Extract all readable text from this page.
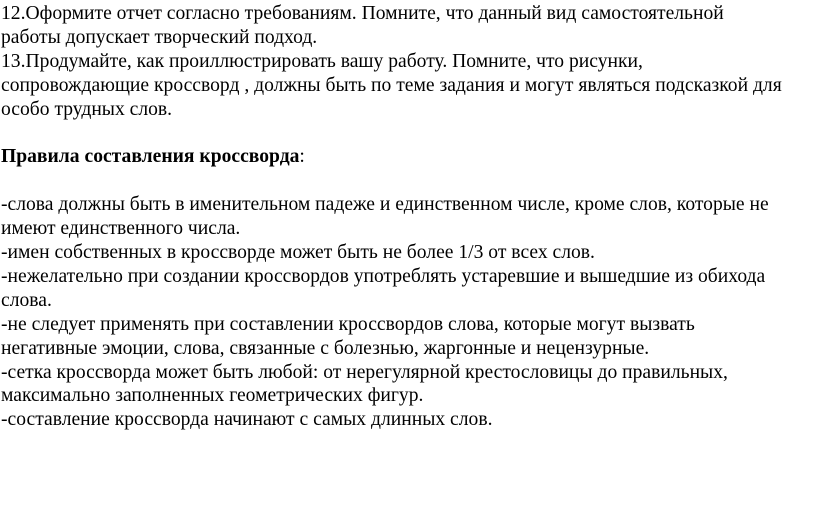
12.Оформите отчет согласно требованиям. Помните, что данный вид самостоятельной
работы допускает творческий подход.
13.Продумайте, как проиллюстрировать вашу работу. Помните, что рисунки,
сопровождающие кроссворд , должны быть по теме задания и могут являться подсказкой для
особо трудных слов.
Правила составления кроссворда:
-слова должны быть в именительном падеже и единственном числе, кроме слов, которые не
имеют единственного числа.
-имен собственных в кроссворде может быть не более 1/3 от всех слов.
-нежелательно при создании кроссвордов употреблять устаревшие и вышедшие из обихода
слова.
-не следует применять при составлении кроссвордов слова, которые могут вызвать
негативные эмоции, слова, связанные с болезнью, жаргонные и нецензурные.
-сетка кроссворда может быть любой: от нерегулярной крестословицы до правильных,
максимально заполненных геометрических фигур.
-составление кроссворда начинают с самых длинных слов.
